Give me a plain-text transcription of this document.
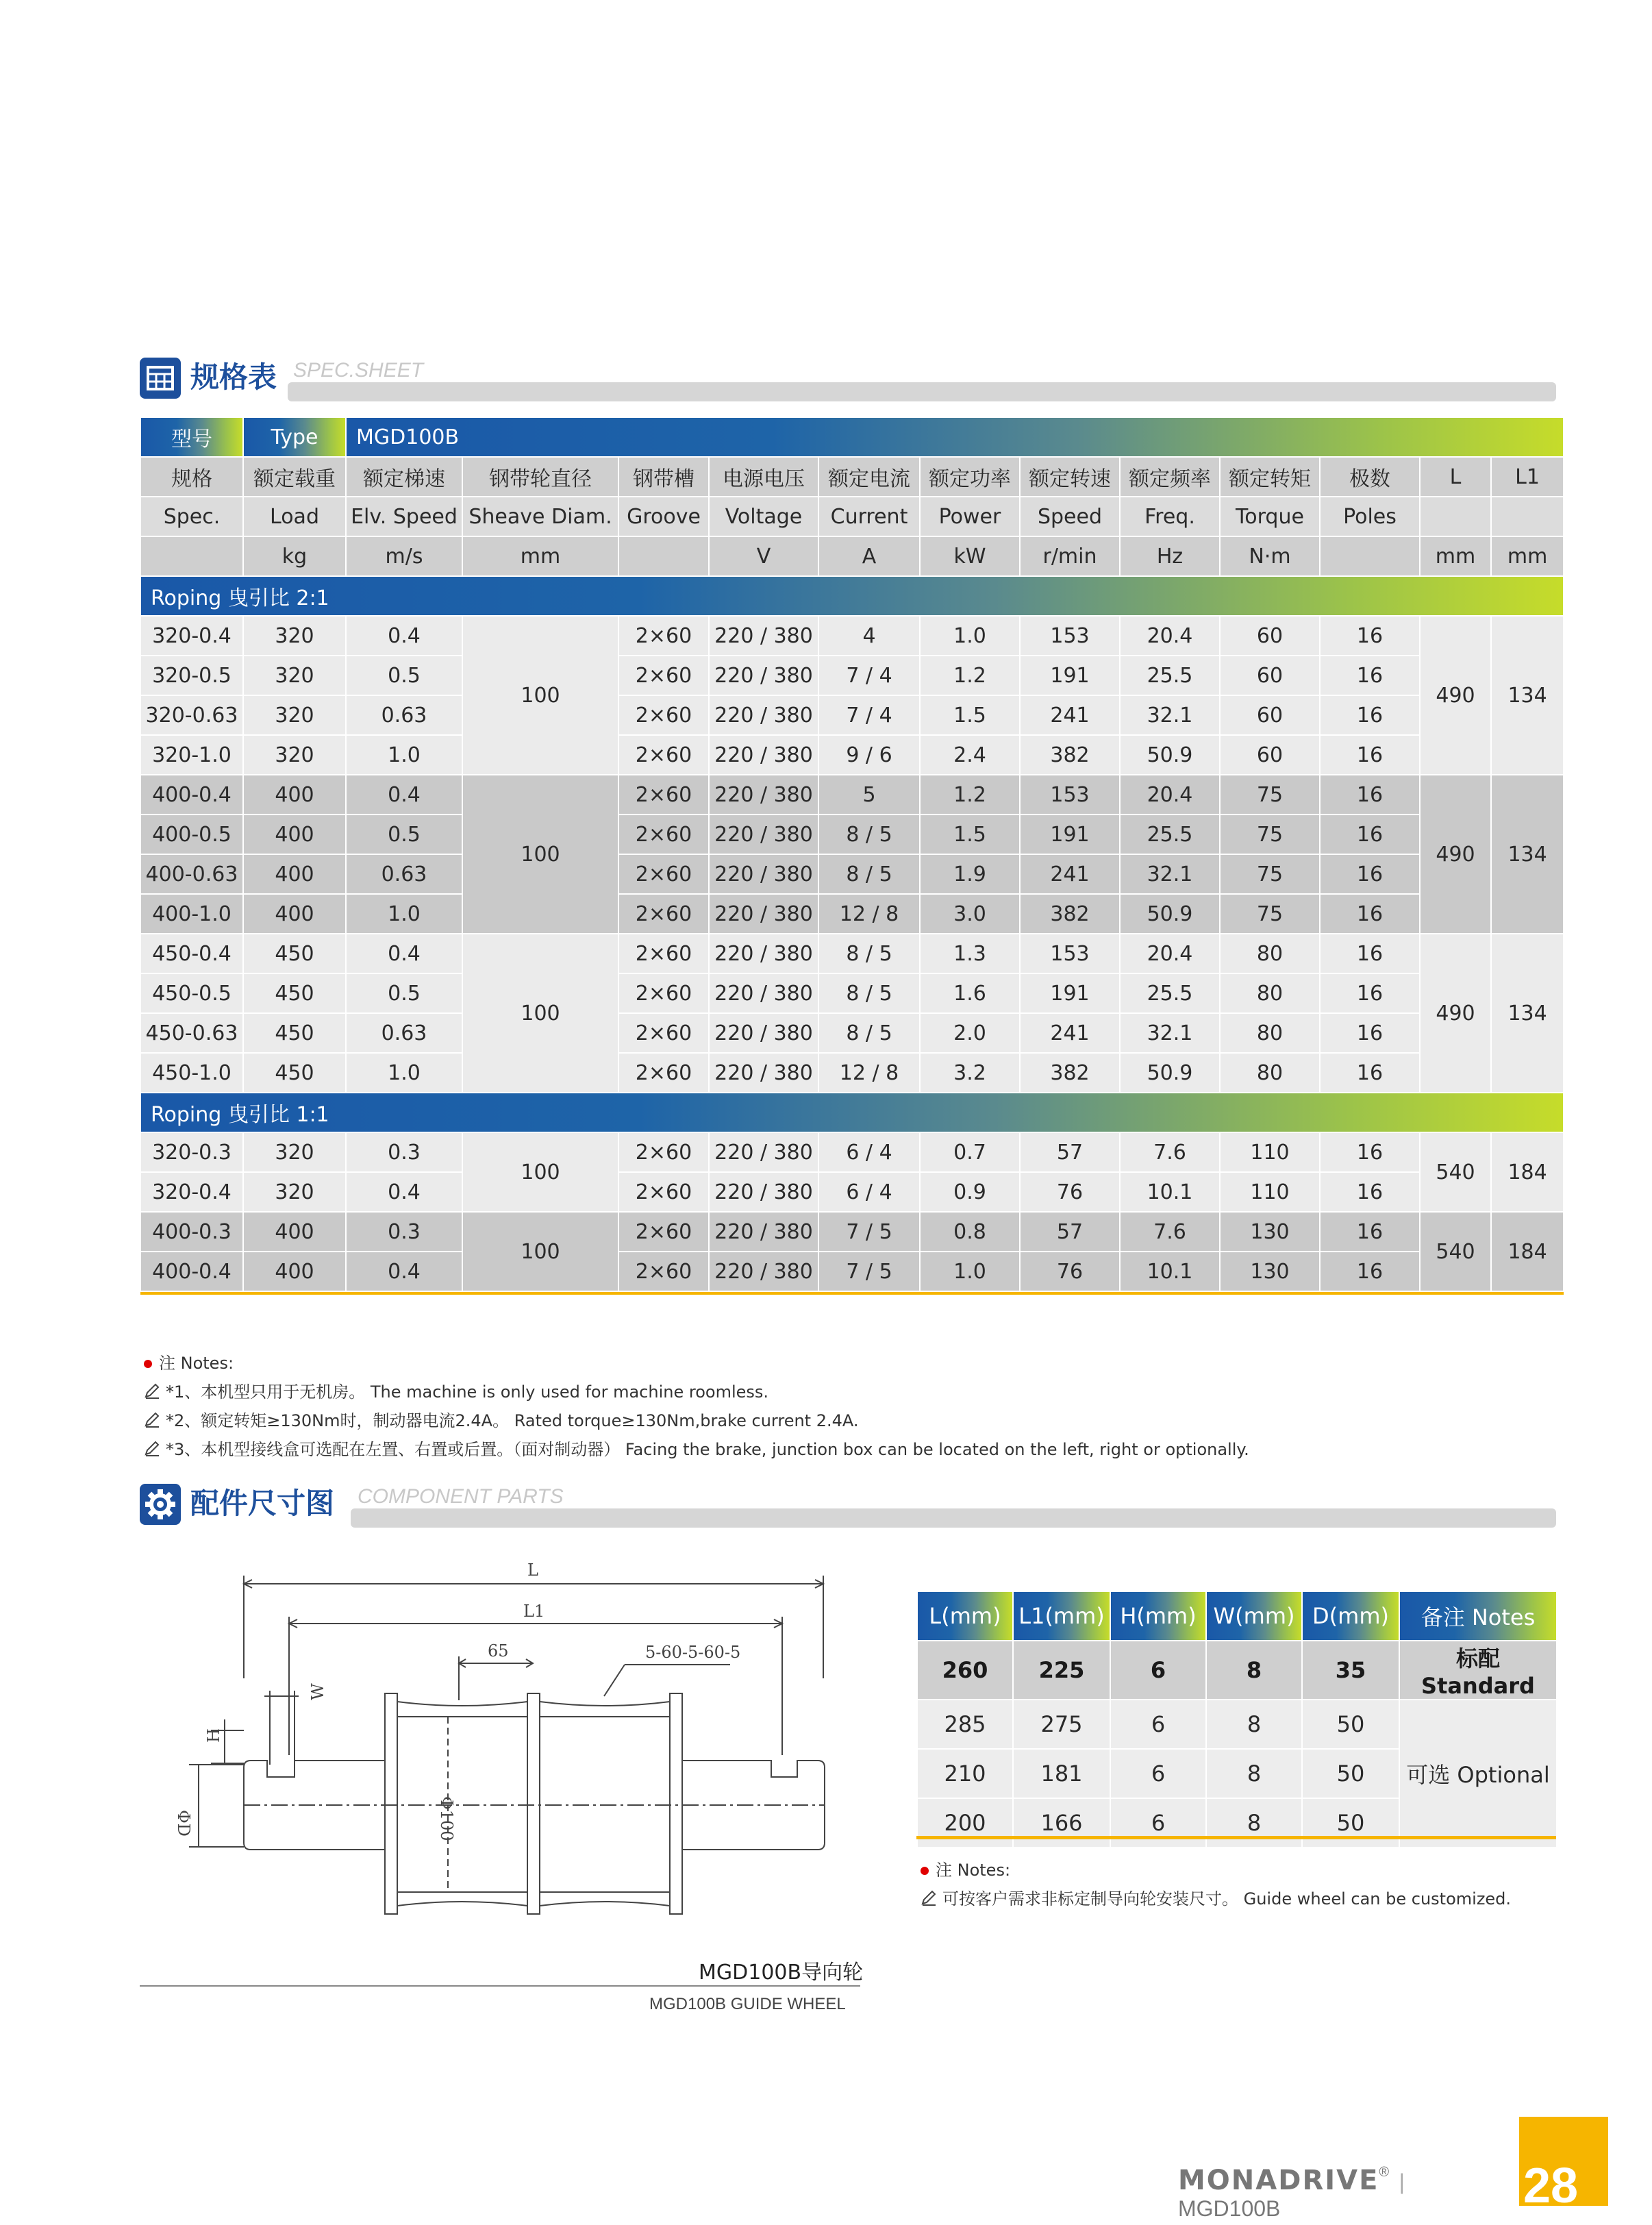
规格表 SPEC.SHEET
型号	Type	MGD100B											
规格	额定载重	额定梯速	钢带轮直径	钢带槽	电源电压	额定电流	额定功率	额定转速	额定频率	额定转矩	极数	L	L1
Spec.	Load	Elv. Speed	Sheave Diam.	Groove	Voltage	Current	Power	Speed	Freq.	Torque	Poles		
	kg	m/s	mm		V	A	kW	r/min	Hz	N·m		mm	mm
Roping 曳引比 2:1													
320-0.4	320	0.4	100	2×60	220 / 380	4	1.0	153	20.4	60	16	490	134
320-0.5	320	0.5		2×60	220 / 380	7 / 4	1.2	191	25.5	60	16		
320-0.63	320	0.63		2×60	220 / 380	7 / 4	1.5	241	32.1	60	16		
320-1.0	320	1.0		2×60	220 / 380	9 / 6	2.4	382	50.9	60	16		
400-0.4	400	0.4	100	2×60	220 / 380	5	1.2	153	20.4	75	16	490	134
400-0.5	400	0.5		2×60	220 / 380	8 / 5	1.5	191	25.5	75	16		
400-0.63	400	0.63		2×60	220 / 380	8 / 5	1.9	241	32.1	75	16		
400-1.0	400	1.0		2×60	220 / 380	12 / 8	3.0	382	50.9	75	16		
450-0.4	450	0.4	100	2×60	220 / 380	8 / 5	1.3	153	20.4	80	16	490	134
450-0.5	450	0.5		2×60	220 / 380	8 / 5	1.6	191	25.5	80	16		
450-0.63	450	0.63		2×60	220 / 380	8 / 5	2.0	241	32.1	80	16		
450-1.0	450	1.0		2×60	220 / 380	12 / 8	3.2	382	50.9	80	16		
Roping 曳引比 1:1													
320-0.3	320	0.3	100	2×60	220 / 380	6 / 4	0.7	57	7.6	110	16	540	184
320-0.4	320	0.4		2×60	220 / 380	6 / 4	0.9	76	10.1	110	16		
400-0.3	400	0.3	100	2×60	220 / 380	7 / 5	0.8	57	7.6	130	16	540	184
400-0.4	400	0.4		2×60	220 / 380	7 / 5	1.0	76	10.1	130	16		

注 Notes:
*1、本机型只用于无机房。 The machine is only used for machine roomless.
*2、额定转矩≥130Nm时，制动器电流2.4A。 Rated torque≥130Nm,brake current 2.4A.
*3、本机型接线盒可选配在左置、右置或后置。（面对制动器） Facing the brake, junction box can be located on the left, right or optionally.
配件尺寸图 COMPONENT PARTS
L
L1
65	5-60-5-60-5
W
H
ΦD	Φ100
MGD100B导向轮
MGD100B GUIDE WHEEL
L(mm)	L1(mm)	H(mm)	W(mm)	D(mm)	备注 Notes
260	225	6	8	35	标配 Standard
285	275	6	8	50	可选 Optional
210	181	6	8	50	
200	166	6	8	50	
注 Notes:
可按客户需求非标定制导向轮安装尺寸。 Guide wheel can be customized.
MONADRIVE® | MGD100B	28
